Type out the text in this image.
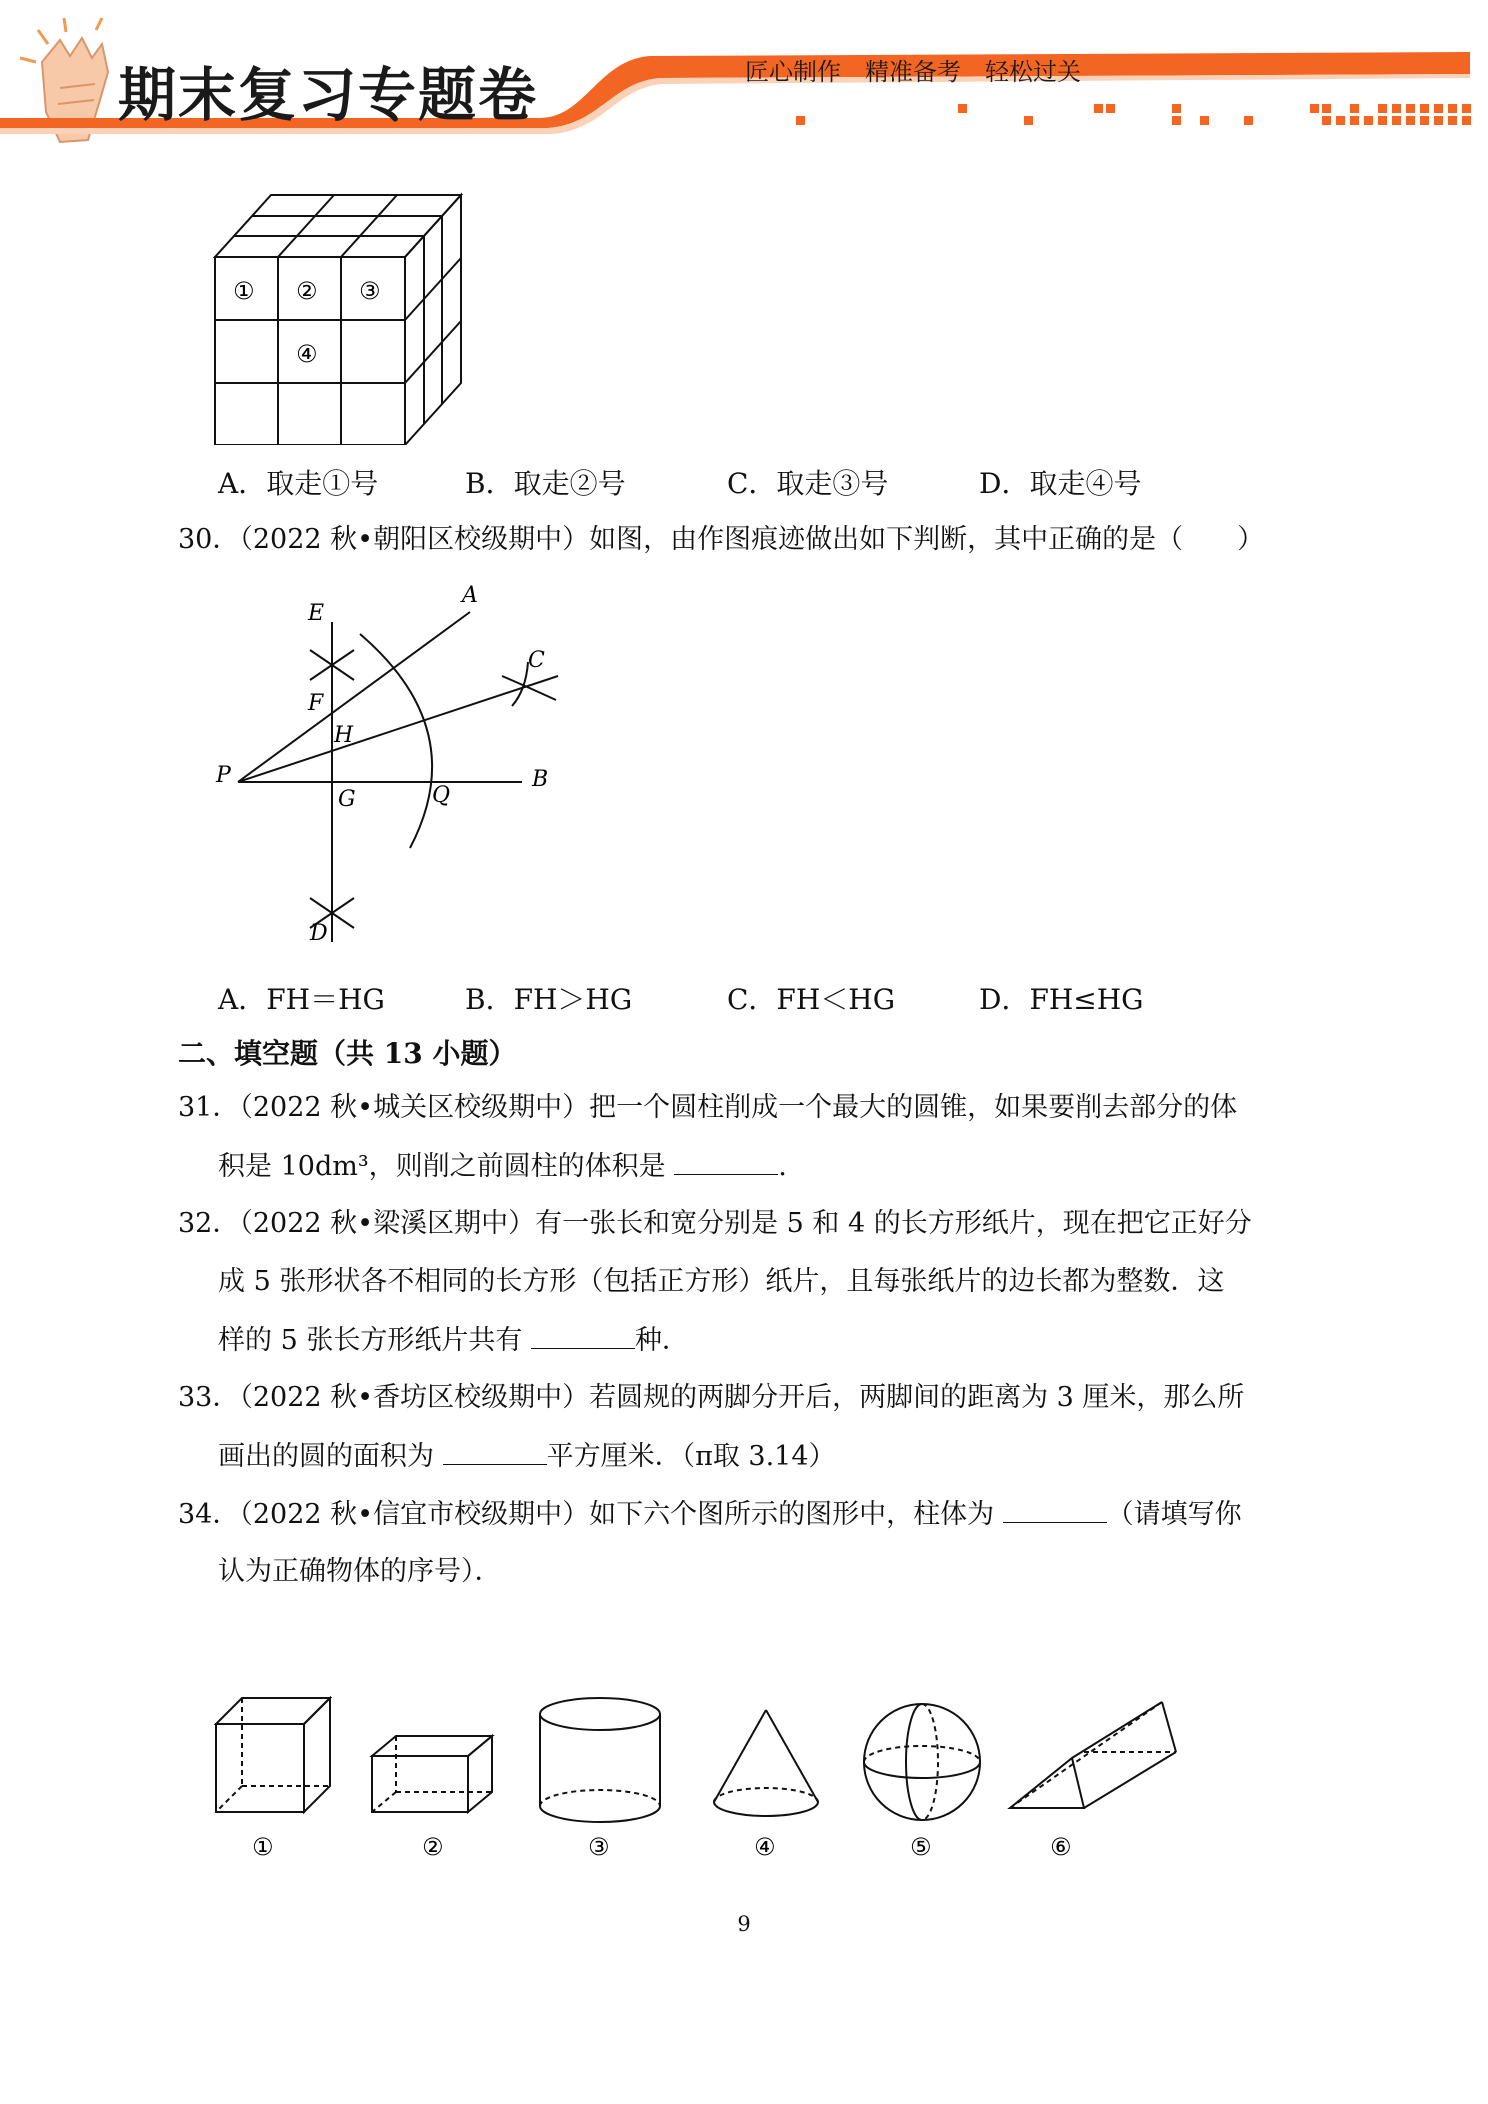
期末复习专题卷	匠心制作　精准备考　轻松过关
① ② ③
④
A．取走①号	B．取走②号	C．取走③号	D．取走④号
30．（2022 秋•朝阳区校级期中）如图，由作图痕迹做出如下判断，其中正确的是（　　）
A
E
C
F
H
P
G	Q
B
D
A．FH＝HG	B．FH＞HG	C．FH＜HG	D．FH≤HG
二、填空题（共 13 小题）
31．（2022 秋•城关区校级期中）把一个圆柱削成一个最大的圆锥，如果要削去部分的体
积是 10dm³，则削之前圆柱的体积是	.
32．（2022 秋•梁溪区期中）有一张长和宽分别是 5 和 4 的长方形纸片，现在把它正好分
成 5 张形状各不相同的长方形（包括正方形）纸片，且每张纸片的边长都为整数．这
样的 5 张长方形纸片共有	种．
33．（2022 秋•香坊区校级期中）若圆规的两脚分开后，两脚间的距离为 3 厘米，那么所
画出的圆的面积为	平方厘米．（π取 3.14）
34．（2022 秋•信宜市校级期中）如下六个图所示的图形中，柱体为	（请填写你
认为正确物体的序号）．
①	②	③	④	⑤	⑥
9
